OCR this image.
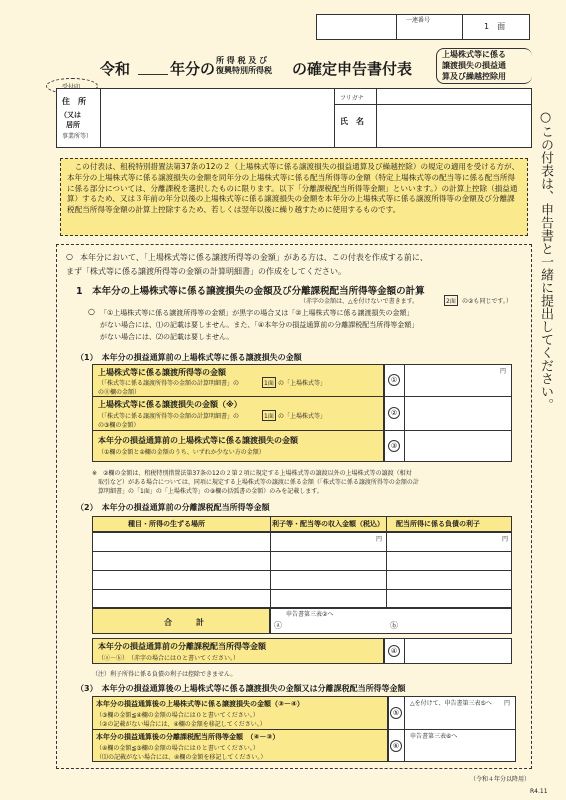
一連番号
1　面
令和	年分の 所 得 税 及 び
復興特別所得税 の確定申告書付表
上場株式等に係る
譲渡損失の損益通
算及び繰越控除用
住　所
（又は
居所
事業所等）
フリガナ
氏　名
　この付表は、租税特別措置法第37条の12の２（上場株式等に係る譲渡損失の損益通算及び繰越控除）の規定の適用を受ける方が、本年分の上場株式等に係る譲渡損失の金額を同年分の上場株式等に係る配当所得等の金額（特定上場株式等の配当等に係る配当所得に係る部分については、分離課税を選択したものに限ります。以下「分離課税配当所得等金額」といいます。）の計算上控除（損益通算）するため、又は３年前の年分以後の上場株式等に係る譲渡損失の金額を本年分の上場株式等に係る譲渡所得等の金額及び分離課税配当所得等金額の計算上控除するため、若しくは翌年以後に繰り越すために使用するものです。	○この付表は、申告書と一緒に提出してください。
○ 本年分において、「上場株式等に係る譲渡所得等の金額」がある方は、この付表を作成する前に、
まず「株式等に係る譲渡所得等の金額の計算明細書」の作成をしてください。
1　本年分の上場株式等に係る譲渡損失の金額及び分離課税配当所得等金額の計算
（赤字の金額は、△を付けないで書きます。	2面	の②も同じです。）
○ 「①上場株式等に係る譲渡所得等の金額」が黒字の場合又は「②上場株式等に係る譲渡損失の金額」
がない場合には、⑴の記載は要しません。また、「④本年分の損益通算前の分離課税配当所得等金額」
がない場合には、⑵の記載は要しません。
（1）　本年分の損益通算前の上場株式等に係る譲渡損失の金額
上場株式等に係る譲渡所得等の金額
（「株式等に係る譲渡所得等の金額の計算明細書」の	1面 の「上場株式等」
の⑪欄の金額）
①
円
上場株式等に係る譲渡損失の金額（※）
（「株式等に係る譲渡所得等の金額の計算明細書」の	1面 の「上場株式等」
の③欄の金額）
②
本年分の損益通算前の上場株式等に係る譲渡損失の金額
（①欄の金額と②欄の金額のうち、いずれか少ない方の金額）
③
※　②欄の金額は、租税特別措置法第37条の12の２第２項に規定する上場株式等の譲渡以外の上場株式等の譲渡（相対
取引など）がある場合については、同項に規定する上場株式等の譲渡に係る金額（「株式等に係る譲渡所得等の金額の計
算明細書」の「1面」の「上場株式等」の⑨欄の括弧書の金額）のみを記載します。
（2）　本年分の損益通算前の分離課税配当所得等金額
種目・所得の生ずる場所	利子等・配当等の収入金額（税込） 配当所得に係る負債の利子
円	円
合　　　計
申告書第三表②へ
ⓐ	ⓑ
本年分の損益通算前の分離課税配当所得等金額
（ⓐ－ⓑ）　（赤字の場合には０と書いてください。）
④
（注）利子所得に係る負債の利子は控除できません。
（3）　本年分の損益通算後の上場株式等に係る譲渡損失の金額又は分離課税配当所得等金額
本年分の損益通算後の上場株式等に係る譲渡損失の金額（③－④）
（③欄の金額≦④欄の金額の場合には０と書いてください。）
（②の記載がない場合には、④欄の金額を移記してください。）
⑤
△を付けて、申告書第三表⑤へ 円
本年分の損益通算後の分離課税配当所得等金額　（④－③）
（④欄の金額≦③欄の金額の場合には０と書いてください。）
（⑴の記載がない場合には、④欄の金額を移記してください。）
⑥
申告書第三表⑥へ
（令和４年分以降用）
R4.11
